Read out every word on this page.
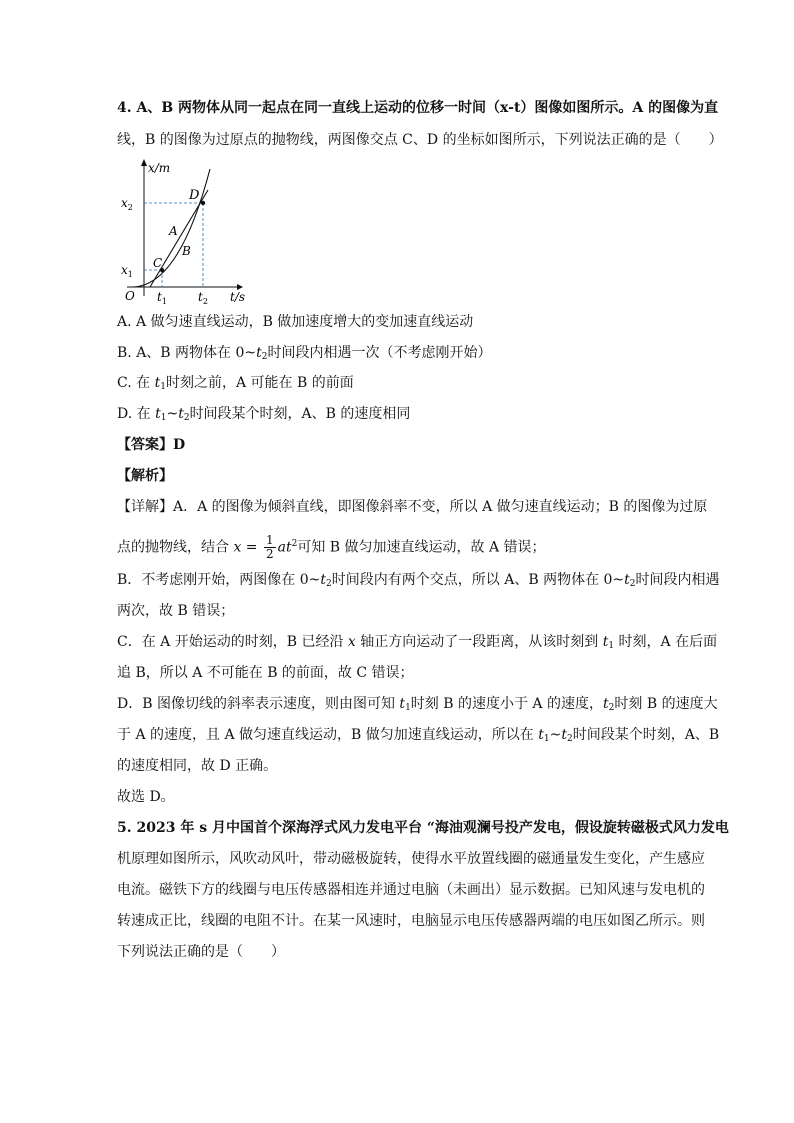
4. A、B 两物体从同一起点在同一直线上运动的位移一时间（x-t）图像如图所示。A 的图像为直
线，B 的图像为过原点的抛物线，两图像交点 C、D 的坐标如图所示，下列说法正确的是（　　）
x/m
t/s
O
$x_2$
$x_1$
$t_1$	$t_2$
C
D
A
B
A. A 做匀速直线运动，B 做加速度增大的变加速直线运动
B. A、B 两物体在 $0\sim t_2$时间段内相遇一次（不考虑刚开始）
C. 在 $t_1$时刻之前，A 可能在 B 的前面
D. 在 $t_1\sim t_2$时间段某个时刻，A、B 的速度相同
【答案】D
【解析】
【详解】A．A 的图像为倾斜直线，即图像斜率不变，所以 A 做匀速直线运动；B 的图像为过原
点的抛物线，结合 $x = \frac{1}{2} at^2$可知 B 做匀加速直线运动，故 A 错误；
B．不考虑刚开始，两图像在 $0\sim t_2$时间段内有两个交点，所以 A、B 两物体在 $0\sim t_2$时间段内相遇
两次，故 B 错误；
C．在 A 开始运动的时刻，B 已经沿 x 轴正方向运动了一段距离，从该时刻到 $t_1$ 时刻，A 在后面
追 B，所以 A 不可能在 B 的前面，故 C 错误；
D．B 图像切线的斜率表示速度，则由图可知 $t_1$时刻 B 的速度小于 A 的速度，$t_2$时刻 B 的速度大
于 A 的速度，且 A 做匀速直线运动，B 做匀加速直线运动，所以在 $t_1\sim t_2$时间段某个时刻，A、B
的速度相同，故 D 正确。
故选 D。
5. 2023 年 s 月中国首个深海浮式风力发电平台 “海油观澜号投产发电，假设旋转磁极式风力发电
机原理如图所示，风吹动风叶，带动磁极旋转，使得水平放置线圈的磁通量发生变化，产生感应
电流。磁铁下方的线圈与电压传感器相连并通过电脑（未画出）显示数据。已知风速与发电机的
转速成正比，线圈的电阻不计。在某一风速时，电脑显示电压传感器两端的电压如图乙所示。则
下列说法正确的是（　　）
